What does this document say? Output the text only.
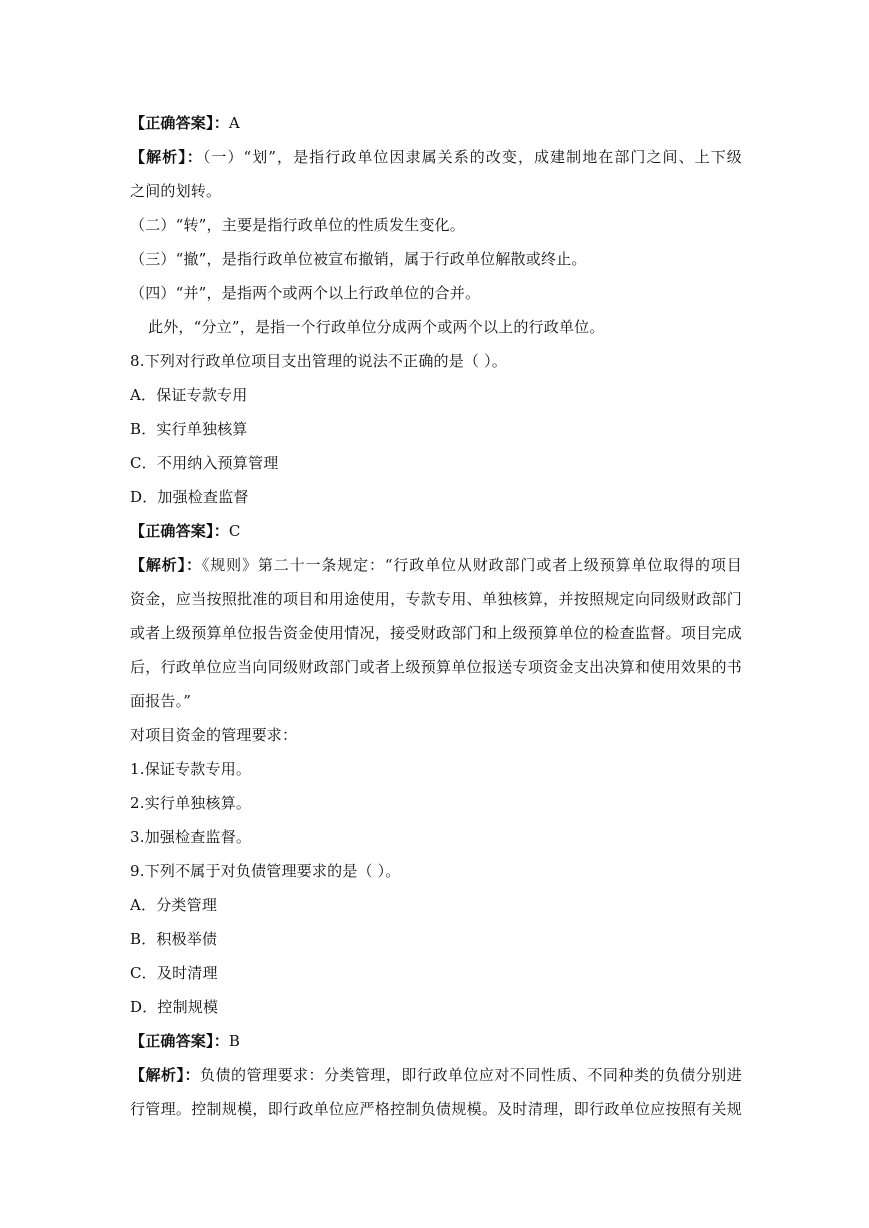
【正确答案】：A
【解析】：（一）“划”，是指行政单位因隶属关系的改变，成建制地在部门之间、上下级
之间的划转。
（二）“转”，主要是指行政单位的性质发生变化。
（三）“撤”，是指行政单位被宣布撤销，属于行政单位解散或终止。
（四）“并”，是指两个或两个以上行政单位的合并。
此外，“分立”，是指一个行政单位分成两个或两个以上的行政单位。
8.下列对行政单位项目支出管理的说法不正确的是（ ）。
A．保证专款专用
B．实行单独核算
C．不用纳入预算管理
D．加强检查监督
【正确答案】：C
【解析】：《规则》第二十一条规定：“行政单位从财政部门或者上级预算单位取得的项目
资金，应当按照批准的项目和用途使用，专款专用、单独核算，并按照规定向同级财政部门
或者上级预算单位报告资金使用情况，接受财政部门和上级预算单位的检查监督。项目完成
后，行政单位应当向同级财政部门或者上级预算单位报送专项资金支出决算和使用效果的书
面报告。”
对项目资金的管理要求：
1.保证专款专用。
2.实行单独核算。
3.加强检查监督。
9.下列不属于对负债管理要求的是（ ）。
A．分类管理
B．积极举债
C．及时清理
D．控制规模
【正确答案】：B
【解析】：负债的管理要求：分类管理，即行政单位应对不同性质、不同种类的负债分别进
行管理。控制规模，即行政单位应严格控制负债规模。及时清理，即行政单位应按照有关规
